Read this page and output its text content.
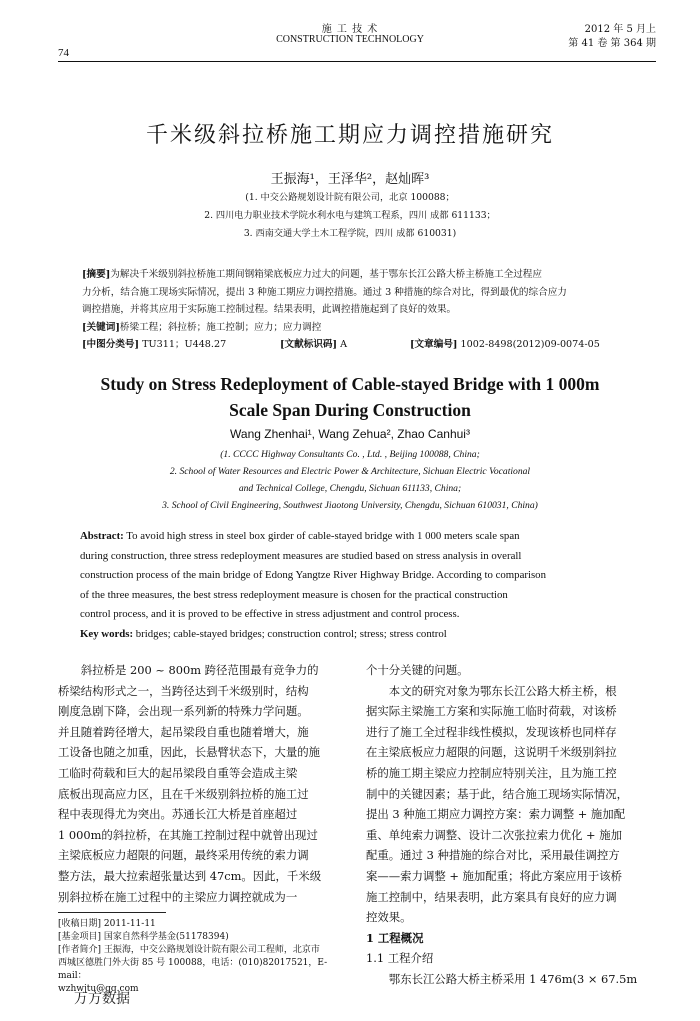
施 工 技 术
CONSTRUCTION TECHNOLOGY
74
2012 年 5 月上
第 41 卷 第 364 期
千米级斜拉桥施工期应力调控措施研究
王振海¹，王泽华²，赵灿晖³
(1. 中交公路规划设计院有限公司，北京 100088；
2. 四川电力职业技术学院水利水电与建筑工程系，四川 成都 611133；
3. 西南交通大学土木工程学院，四川 成都 610031)
[摘要]为解决千米级别斜拉桥施工期间钢箱梁底板应力过大的问题，基于鄂东长江公路大桥主桥施工全过程应
力分析，结合施工现场实际情况，提出 3 种施工期应力调控措施。通过 3 种措施的综合对比，得到最优的综合应力
调控措施，并将其应用于实际施工控制过程。结果表明，此调控措施起到了良好的效果。
[关键词]桥梁工程；斜拉桥；施工控制；应力；应力调控
[中图分类号] TU311；U448.27	[文献标识码] A	[文章编号] 1002-8498(2012)09-0074-05
Study on Stress Redeployment of Cable-stayed Bridge with 1 000m
Scale Span During Construction
Wang Zhenhai¹, Wang Zehua², Zhao Canhui³
(1. CCCC Highway Consultants Co. , Ltd. , Beijing 100088, China;
2. School of Water Resources and Electric Power & Architecture, Sichuan Electric Vocational
and Technical College, Chengdu, Sichuan 611133, China;
3. School of Civil Engineering, Southwest Jiaotong University, Chengdu, Sichuan 610031, China)
Abstract: To avoid high stress in steel box girder of cable-stayed bridge with 1 000 meters scale span
during construction, three stress redeployment measures are studied based on stress analysis in overall
construction process of the main bridge of Edong Yangtze River Highway Bridge. According to comparison
of the three measures, the best stress redeployment measure is chosen for the practical construction
control process, and it is proved to be effective in stress adjustment and control process.
Key words: bridges; cable-stayed bridges; construction control; stress; stress control
斜拉桥是 200 ~ 800m 跨径范围最有竞争力的
桥梁结构形式之一，当跨径达到千米级别时，结构
刚度急剧下降，会出现一系列新的特殊力学问题。
并且随着跨径增大，起吊梁段自重也随着增大，施
工设备也随之加重，因此，长悬臂状态下，大量的施
工临时荷载和巨大的起吊梁段自重等会造成主梁
底板出现高应力区，且在千米级别斜拉桥的施工过
程中表现得尤为突出。苏通长江大桥是首座超过
1 000m的斜拉桥，在其施工控制过程中就曾出现过
主梁底板应力超限的问题，最终采用传统的索力调
整方法，最大拉索超张量达到 47cm。因此，千米级
别斜拉桥在施工过程中的主梁应力调控就成为一
[收稿日期] 2011-11-11
[基金项目] 国家自然科学基金(51178394)
[作者简介] 王振海，中交公路规划设计院有限公司工程师，北京市
西城区德胜门外大街 85 号 100088，电话：(010)82017521，E-mail：
wzhwjtu@qq.com
万方数据
个十分关键的问题。
本文的研究对象为鄂东长江公路大桥主桥，根
据实际主梁施工方案和实际施工临时荷载，对该桥
进行了施工全过程非线性模拟，发现该桥也同样存
在主梁底板应力超限的问题，这说明千米级别斜拉
桥的施工期主梁应力控制应特别关注，且为施工控
制中的关键因素；基于此，结合施工现场实际情况，
提出 3 种施工期应力调控方案：索力调整 + 施加配
重、单纯索力调整、设计二次张拉索力优化 + 施加
配重。通过 3 种措施的综合对比，采用最佳调控方
案——索力调整 + 施加配重；将此方案应用于该桥
施工控制中，结果表明，此方案具有良好的应力调
控效果。
1 工程概况
1.1 工程介绍
鄂东长江公路大桥主桥采用 1 476m(3 × 67.5m
